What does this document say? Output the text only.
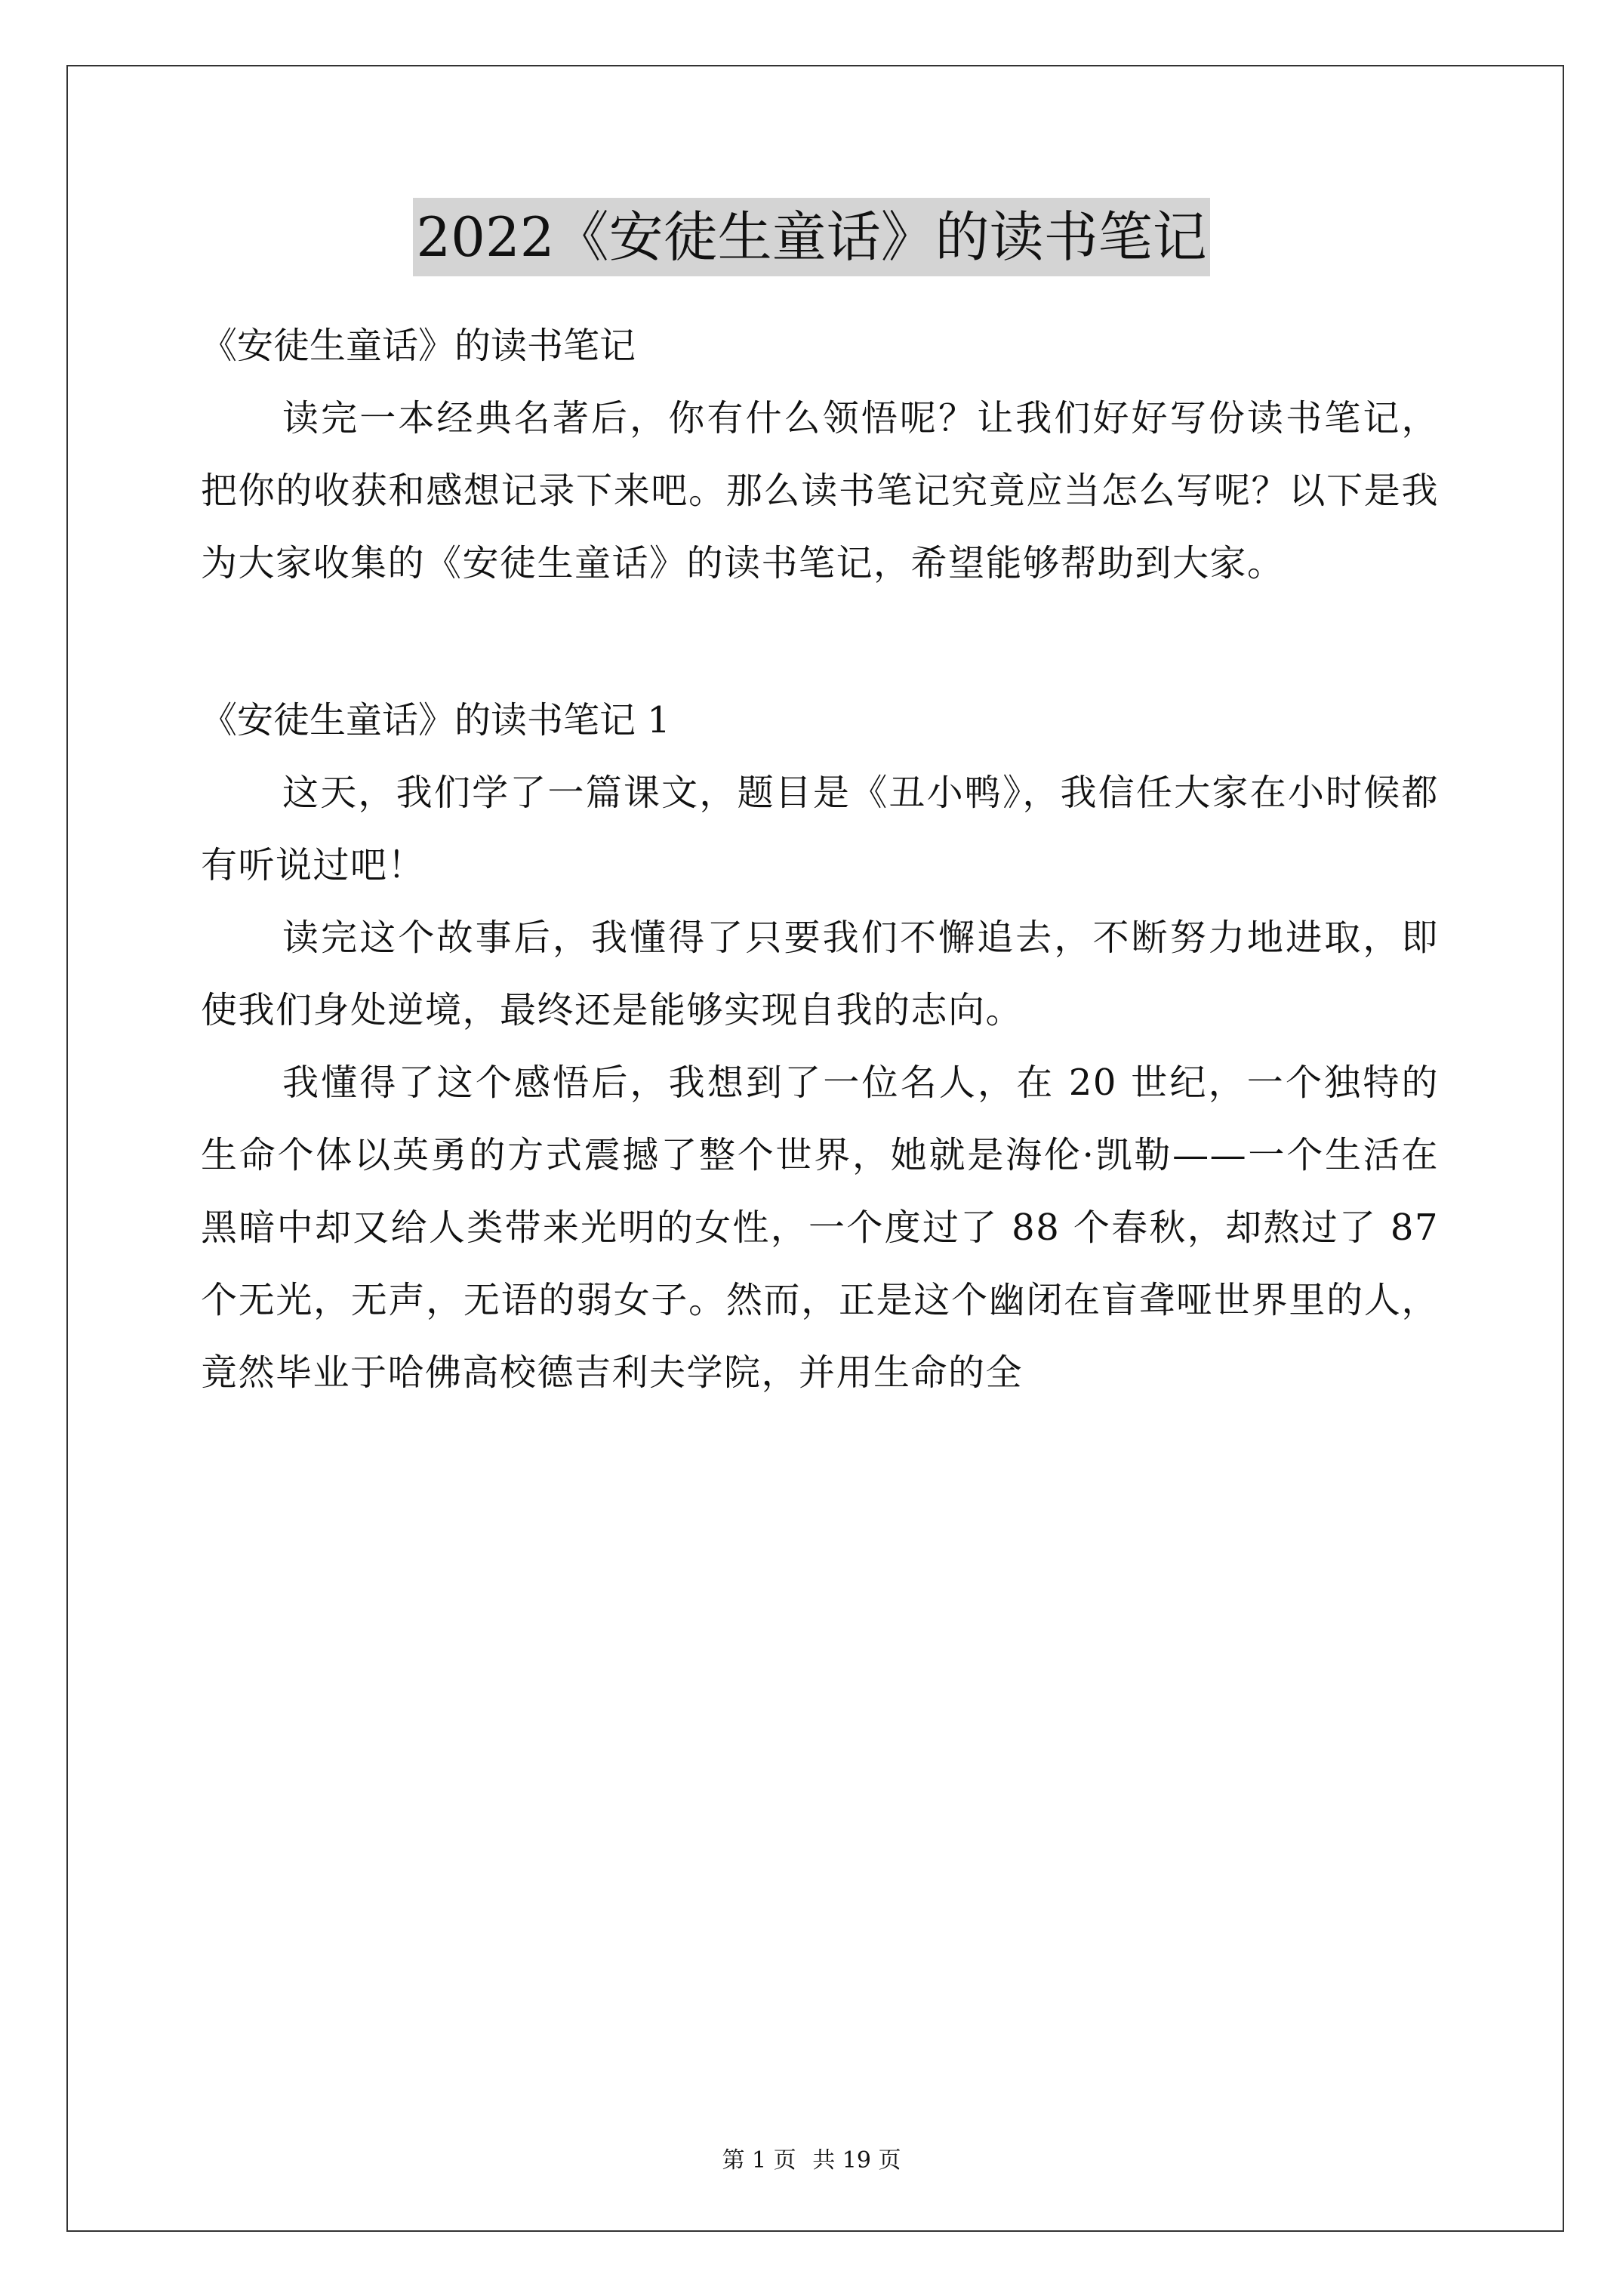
2022《安徒生童话》的读书笔记

《安徒生童话》的读书笔记

读完一本经典名著后，你有什么领悟呢？让我们好好写份读书笔记，把你的收获和感想记录下来吧。那么读书笔记究竟应当怎么写呢？以下是我为大家收集的《安徒生童话》的读书笔记，希望能够帮助到大家。

《安徒生童话》的读书笔记 1

这天，我们学了一篇课文，题目是《丑小鸭》，我信任大家在小时候都有听说过吧！

读完这个故事后，我懂得了只要我们不懈追去，不断努力地进取，即使我们身处逆境，最终还是能够实现自我的志向。

我懂得了这个感悟后，我想到了一位名人，在 20 世纪，一个独特的生命个体以英勇的方式震撼了整个世界，她就是海伦·凯勒——一个生活在黑暗中却又给人类带来光明的女性，一个度过了 88 个春秋，却熬过了 87 个无光，无声，无语的弱女子。然而，正是这个幽闭在盲聋哑世界里的人，竟然毕业于哈佛高校德吉利夫学院，并用生命的全

第 1 页 共 19 页
